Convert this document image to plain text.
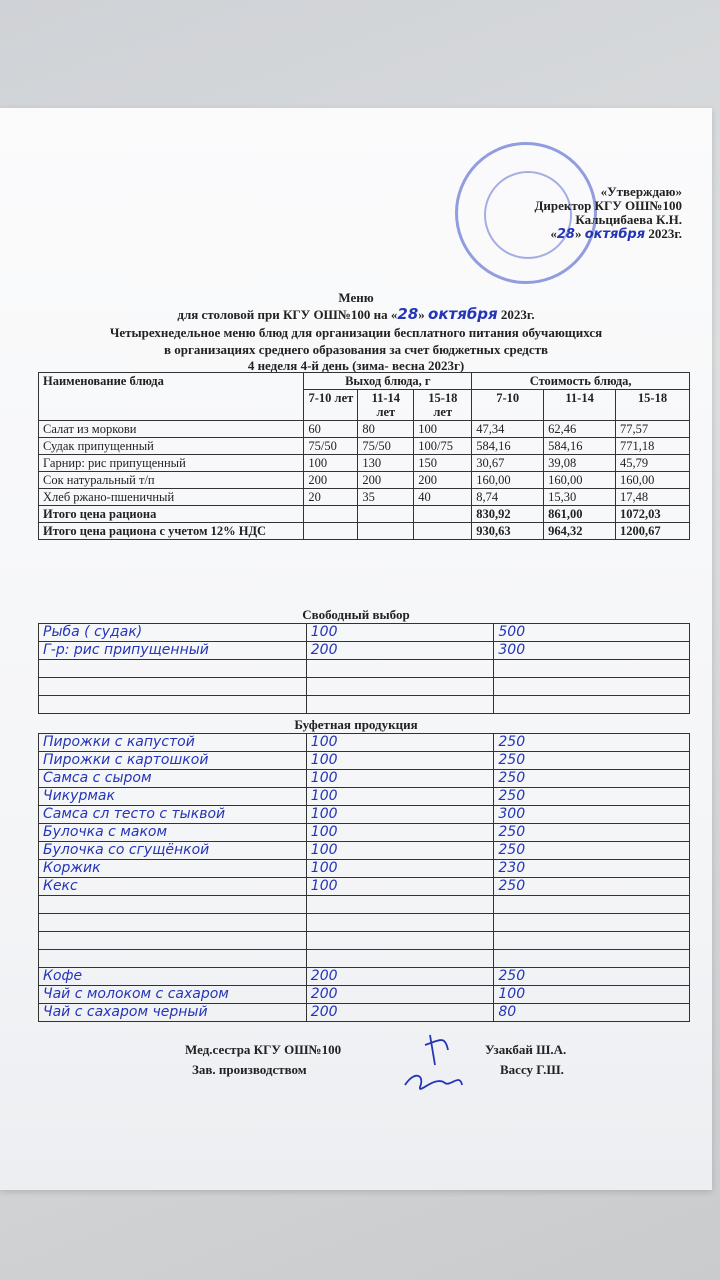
«Утверждаю»
Директор КГУ ОШ№100
Кальцибаева К.Н.
«28» октября 2023г.
Меню
для столовой при КГУ ОШ№100 на «28» октября 2023г.
Четырехнедельное меню блюд для организации бесплатного питания обучающихся
в организациях среднего образования за счет бюджетных средств
4 неделя 4-й день (зима- весна 2023г)
Наименование блюда	Выход блюда, г			Стоимость блюда,		
	7-10 лет	11-14 лет	15-18 лет	7-10	11-14	15-18
Салат из моркови	60	80	100	47,34	62,46	77,57
Судак припущенный	75/50	75/50	100/75	584,16	584,16	771,18
Гарнир: рис припущенный	100	130	150	30,67	39,08	45,79
Сок натуральный т/п	200	200	200	160,00	160,00	160,00
Хлеб ржано-пшеничный	20	35	40	8,74	15,30	17,48
Итого цена рациона				830,92	861,00	1072,03
Итого цена рациона с учетом 12% НДС				930,63	964,32	1200,67
Свободный выбор
Рыба ( судак)	100	500
Г-р: рис припущенный	200	300

Буфетная продукция
Пирожки с капустой	100	250
Пирожки с картошкой	100	250
Самса с сыром	100	250
Чикурмак	100	250
Самса сл тесто с тыквой	100	300
Булочка с маком	100	250
Булочка со сгущёнкой	100	250
Коржик	100	230
Кекс	100	250

Кофе	200	250
Чай с молоком с сахаром	200	100
Чай с сахаром черный	200	80
Мед.сестра КГУ ОШ№100	Узакбай Ш.А.
Зав. производством	Вассу Г.Ш.
